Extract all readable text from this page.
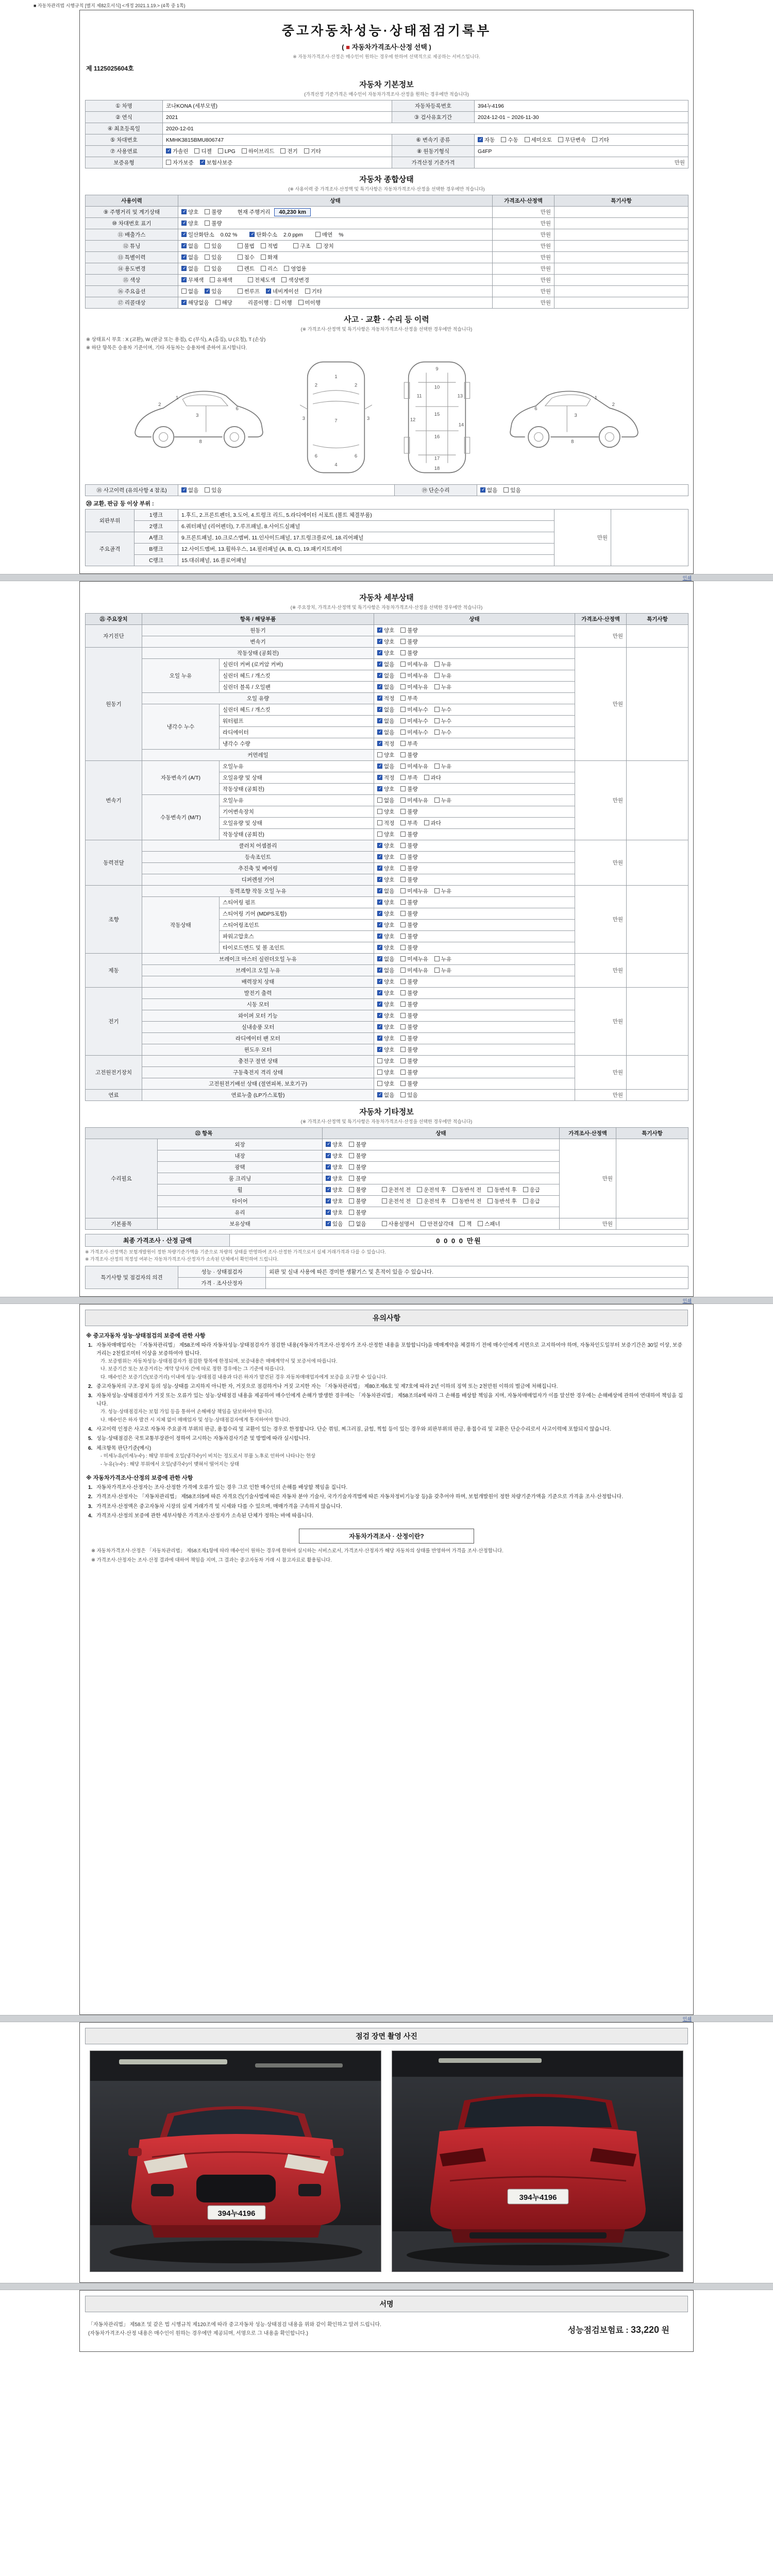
■ 자동차관리법 시행규칙 [별지 제82호서식] <개정 2021.1.19.> (4쪽 중 1쪽)
중고자동차성능·상태점검기록부
( ■ 자동차가격조사·산정 선택 )
※ 자동차가격조사·산정은 매수인이 원하는 경우에 한하여 선택적으로 제공하는 서비스입니다.
제 1125025604호
자동차 기본정보
(가격산정 기준가격은 매수인이 자동차가격조사·산정을 원하는 경우에만 적습니다)
① 차명	코나KONA (세부모델)	자동차등록번호	394누4196
② 연식	2021	③ 검사유효기간	2024-12-01 ~ 2026-11-30
④ 최초등록일	2020-12-01		
⑤ 차대번호	KMHK3815BMU806747	⑥ 변속기 종류	✓자동 수동 세미오토 무단변속 기타
⑦ 사용연료	✓가솔린 디젤 LPG 하이브리드 전기 기타	⑧ 원동기형식	G4FP
보증유형	자가보증 ✓ 보험사보증	가격산정 기준가격	만원
자동차 종합상태
(※ 사용이력 중 가격조사·산정액 및 특기사항은 자동차가격조사·산정을 선택한 경우에만 적습니다)
사용이력	상태	가격조사·산정액	특기사항
⑨ 주행거리 및 계기상태	✓양호 불량 현재 주행거리 40,230 km	만원	
⑩ 차대번호 표기	✓양호 불량	만원	
⑪ 배출가스	✓일산화탄소 0.02 % ✓ 탄화수소 2.0 ppm 매연 %	만원	
⑫ 튜닝	✓없음 있음 불법 적법 구조 장치	만원	
⑬ 특별이력	✓없음 있음 침수 화재	만원	
⑭ 용도변경	✓없음 있음 렌트 리스 영업용	만원	
⑮ 색상	✓무채색 유채색 전체도색 색상변경	만원	
⑯ 주요옵션	없음 ✓ 있음 썬루프 ✓ 네비게이션 기타	만원	
⑰ 리콜대상	✓해당없음 해당 리콜이행 : 이행 미이행	만원	
사고 · 교환 · 수리 등 이력
(※ 가격조사·산정액 및 특기사항은 자동차가격조사·산정을 선택한 경우에만 적습니다)
※ 상태표시 부호 : X (교환), W (판금 또는 용접), C (부식), A (흠집), U (요철), T (손상)
※ 하단 항목은 승용차 기준이며, 기타 자동차는 승용차에 준하여 표시합니다.
1
2
3
6
8
1
2	2
3	3
7
6	6
4
9
10
11
12
13
14
15
16
17
18
1
2
3
6
8
⑱ 사고이력 (유의사항 4 참조)	✓없음 있음	⑲ 단순수리	✓없음 있음
⑳ 교환, 판금 등 이상 부위 :
외판부위	1랭크	1.후드, 2.프론트펜더, 3.도어, 4.트렁크 리드, 5.라디에이터 서포트 (볼트 체결부품)	만원	
	2랭크	6.쿼터패널 (리어펜더), 7.루프패널, 8.사이드실패널		
주요골격	A랭크	9.프론트패널, 10.크로스멤버, 11.인사이드패널, 17.트렁크플로어, 18.리어패널		
	B랭크	12.사이드멤버, 13.휠하우스, 14.필러패널 (A, B, C), 19.패키지트레이		
	C랭크	15.대쉬패널, 16.플로어패널		
인쇄
자동차 세부상태
(※ 주요장치, 가격조사·산정액 및 특기사항은 자동차가격조사·산정을 선택한 경우에만 적습니다)
㉑ 주요장치	항목 / 해당부품		상태	가격조사·산정액	특기사항
자기진단	원동기	✓양호 불량	만원	
	변속기	✓양호 불량
원동기	작동상태 (공회전)	✓양호 불량	만원	
	오일 누유	실린더 커버 (로커암 커버)	✓없음 미세누유 누유
		실린더 헤드 / 개스킷	✓없음 미세누유 누유
		실린더 블록 / 오일팬	✓없음 미세누유 누유
	오일 유량	✓적정 부족
	냉각수 누수	실린더 헤드 / 개스킷	✓없음 미세누수 누수
		워터펌프	✓없음 미세누수 누수
		라디에이터	✓없음 미세누수 누수
		냉각수 수량	✓적정 부족
	커먼레일		양호 불량		
변속기	자동변속기 (A/T)	오일누유	✓없음 미세누유 누유	만원	
		오일유량 및 상태	✓적정 부족 과다
		작동상태 (공회전)	✓양호 불량
	수동변속기 (M/T)	오일누유	없음 미세누유 누유		
		기어변속장치	양호 불량		
		오일유량 및 상태	적정 부족 과다		
		작동상태 (공회전)	양호 불량		
동력전달	클러치 어셈블리	✓양호 불량	만원	
	등속조인트	✓양호 불량
	추진축 및 베어링	✓양호 불량
	디퍼렌셜 기어	✓양호 불량
조향	동력조향 작동 오일 누유	✓없음 미세누유 누유	만원	
	작동상태	스티어링 펌프	✓양호 불량
		스티어링 기어 (MDPS포함)	✓양호 불량
		스티어링조인트	✓양호 불량
		파워고압호스	✓양호 불량
		타이로드엔드 및 볼 조인트	✓양호 불량
제동	브레이크 마스터 실린더오일 누유	✓없음 미세누유 누유	만원	
	브레이크 오일 누유	✓없음 미세누유 누유
	배력장치 상태	✓양호 불량
전기	발전기 출력	✓양호 불량	만원	
	시동 모터	✓양호 불량
	와이퍼 모터 기능	✓양호 불량
	실내송풍 모터	✓양호 불량
	라디에이터 팬 모터	✓양호 불량
	윈도우 모터	✓양호 불량
고전원전기장치	충전구 절연 상태		양호 불량	만원	
	구동축전지 격리 상태		양호 불량		
	고전원전기배선 상태 (절연피복, 보호기구)		양호 불량		
연료	연료누출 (LP가스포함)	✓없음 있음	만원	
자동차 기타정보
(※ 가격조사·산정액 및 특기사항은 자동차가격조사·산정을 선택한 경우에만 적습니다)
㉒ 항목		상태	가격조사·산정액	특기사항
수리필요	외장	✓양호 불량	만원	
	내장	✓양호 불량
	광택	✓양호 불량
	룸 크리닝	✓양호 불량
	휠	✓양호 불량 운전석 전 운전석 후 동반석 전 동반석 후 응급
	타이어	✓양호 불량 운전석 전 운전석 후 동반석 전 동반석 후 응급
	유리	✓양호 불량
기본품목	보유상태	✓있음 없음 사용설명서 안전삼각대 잭 스패너	만원	
최종 가격조사 · 산정 금액	0 0 0 0 만원
※ 가격조사·산정액은 보험개발원이 정한 차량기준가액을 기준으로 차량의 상태를 반영하여 조사·산정한 가격으로서 실제 거래가격과 다를 수 있습니다.
※ 가격조사·산정의 적정성 여부는 자동차가격조사·산정자가 소속된 단체에서 확인하여 드립니다.
특기사항 및 점검자의 의견	성능 · 상태점검자	외판 및 실내 사용에 따른 경미한 생활기스 및 흔적이 있을 수 있습니다.
	가격 · 조사산정자	
인쇄
유의사항
※ 중고자동차 성능·상태점검의 보증에 관한 사항
1. 자동차매매업자는 「자동차관리법」 제58조에 따라 자동차성능·상태점검자가 점검한 내용(자동차가격조사·산정자가 조사·산정한 내용을 포함합니다)을 매매계약을 체결하기 전에 매수인에게 서면으로 고지하여야 하며, 자동차인도일부터 보증기간은 30일 이상, 보증거리는 2천킬로미터 이상을 보증하여야 합니다.
가. 보증범위는 자동차성능·상태점검자가 점검한 항목에 한정되며, 보증내용은 매매계약서 및 보증서에 따릅니다.
나. 보증기간 또는 보증거리는 계약 당사자 간에 따로 정한 경우에는 그 기준에 따릅니다.
다. 매수인은 보증기간(보증거리) 이내에 성능·상태점검 내용과 다른 하자가 발견된 경우 자동차매매업자에게 보증을 요구할 수 있습니다.
2. 중고자동차의 구조·장치 등의 성능·상태를 고지하지 아니한 자, 거짓으로 점검하거나 거짓 고지한 자는 「자동차관리법」 제80조제6호 및 제7호에 따라 2년 이하의 징역 또는 2천만원 이하의 벌금에 처해집니다.
3. 자동차성능·상태점검자가 거짓 또는 오류가 있는 성능·상태점검 내용을 제공하여 매수인에게 손해가 발생한 경우에는 「자동차관리법」 제58조의4에 따라 그 손해를 배상할 책임을 지며, 자동차매매업자가 이를 알선한 경우에는 손해배상에 관하여 연대하여 책임을 집니다.
가. 성능·상태점검자는 보험 가입 등을 통하여 손해배상 책임을 담보하여야 합니다.
나. 매수인은 하자 발견 시 지체 없이 매매업자 및 성능·상태점검자에게 통지하여야 합니다.
4. 사고이력 인정은 사고로 자동차 주요골격 부위의 판금, 용접수리 및 교환이 있는 경우로 한정합니다. 단순 꺾임, 찌그러짐, 긁힘, 찍힘 등이 있는 경우와 외판부위의 판금, 용접수리 및 교환은 단순수리로서 사고이력에 포함되지 않습니다.
5. 성능·상태점검은 국토교통부장관이 정하여 고시하는 자동차검사기준 및 방법에 따라 실시합니다.
6. 체크항목 판단기준(예시)
- 미세누유(미세누수) : 해당 부위에 오일(냉각수)이 비치는 정도로서 부품 노후로 인하여 나타나는 현상
- 누유(누수) : 해당 부위에서 오일(냉각수)이 맺혀서 떨어지는 상태
※ 자동차가격조사·산정의 보증에 관한 사항
1. 자동차가격조사·산정자는 조사·산정한 가격에 오류가 있는 경우 그로 인한 매수인의 손해를 배상할 책임을 집니다.
2. 가격조사·산정자는 「자동차관리법」 제58조의5에 따른 자격요건(기술사법에 따른 자동차 분야 기술사, 국가기술자격법에 따른 자동차정비기능장 등)을 갖추어야 하며, 보험개발원이 정한 차량기준가액을 기준으로 가격을 조사·산정합니다.
3. 가격조사·산정액은 중고자동차 시장의 실제 거래가격 및 시세와 다를 수 있으며, 매매가격을 구속하지 않습니다.
4. 가격조사·산정의 보증에 관한 세부사항은 가격조사·산정자가 소속된 단체가 정하는 바에 따릅니다.
자동차가격조사 · 산정이란?
※ 자동차가격조사·산정은 「자동차관리법」 제58조제1항에 따라 매수인이 원하는 경우에 한하여 실시하는 서비스로서, 가격조사·산정자가 해당 자동차의 상태를 반영하여 가격을 조사·산정합니다.
※ 가격조사·산정자는 조사·산정 결과에 대하여 책임을 지며, 그 결과는 중고자동차 거래 시 참고자료로 활용됩니다.
인쇄
점검 장면 촬영 사진
394누4196
394누4196
서명
「자동차관리법」 제58조 및 같은 법 시행규칙 제120조에 따라 중고자동차 성능·상태점검 내용을 위와 같이 확인하고 알려 드립니다.
(자동차가격조사·산정 내용은 매수인이 원하는 경우에만 제공되며, 서명으로 그 내용을 확인합니다.)	성능점검보험료 : 33,220 원
